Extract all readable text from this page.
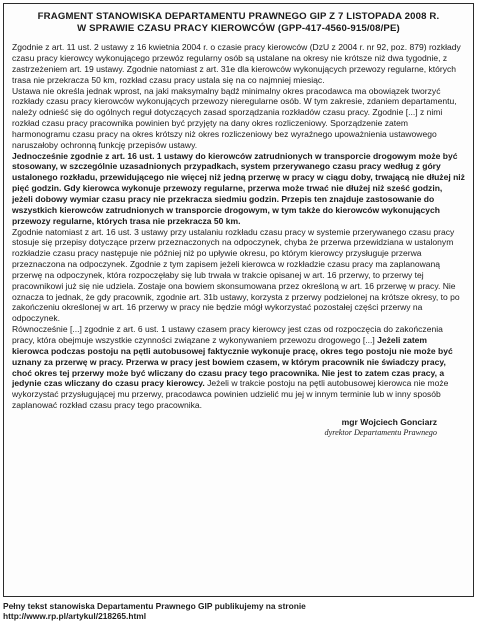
FRAGMENT STANOWISKA DEPARTAMENTU PRAWNEGO GIP Z 7 LISTOPADA 2008 R.
W SPRAWIE CZASU PRACY KIEROWCÓW (GPP-417-4560-915/08/PE)

Zgodnie z art. 11 ust. 2 ustawy z 16 kwietnia 2004 r. o czasie pracy kierowców (DzU z 2004 r. nr 92, poz. 879) rozkłady czasu pracy kierowcy wykonującego przewóz regularny osób są ustalane na okresy nie krótsze niż dwa tygodnie, z zastrzeżeniem art. 19 ustawy. Zgodnie natomiast z art. 31e dla kierowców wykonujących przewozy regularne, których trasa nie przekracza 50 km, rozkład czasu pracy ustala się na co najmniej miesiąc.

Ustawa nie określa jednak wprost, na jaki maksymalny bądź minimalny okres pracodawca ma obowiązek tworzyć rozkłady czasu pracy kierowców wykonujących przewozy nieregularne osób. W tym zakresie, zdaniem departamentu, należy odnieść się do ogólnych reguł dotyczących zasad sporządzania rozkładów czasu pracy. Zgodnie [...] z nimi rozkład czasu pracy pracownika powinien być przyjęty na dany okres rozliczeniowy. Sporządzenie zatem harmonogramu czasu pracy na okres krótszy niż okres rozliczeniowy bez wyraźnego upoważnienia ustawowego naruszałoby ochronną funkcję przepisów ustawy.

Jednocześnie zgodnie z art. 16 ust. 1 ustawy do kierowców zatrudnionych w transporcie drogowym może być stosowany, w szczególnie uzasadnionych przypadkach, system przerywanego czasu pracy według z góry ustalonego rozkładu, przewidującego nie więcej niż jedną przerwę w pracy w ciągu doby, trwającą nie dłużej niż pięć godzin. Gdy kierowca wykonuje przewozy regularne, przerwa może trwać nie dłużej niż sześć godzin, jeżeli dobowy wymiar czasu pracy nie przekracza siedmiu godzin. Przepis ten znajduje zastosowanie do wszystkich kierowców zatrudnionych w transporcie drogowym, w tym także do kierowców wykonujących przewozy regularne, których trasa nie przekracza 50 km.

Zgodnie natomiast z art. 16 ust. 3 ustawy przy ustalaniu rozkładu czasu pracy w systemie przerywanego czasu pracy stosuje się przepisy dotyczące przerw przeznaczonych na odpoczynek, chyba że przerwa przewidziana w ustalonym rozkładzie czasu pracy następuje nie później niż po upływie okresu, po którym kierowcy przysługuje przerwa przeznaczona na odpoczynek. Zgodnie z tym zapisem jeżeli kierowca w rozkładzie czasu pracy ma zaplanowaną przerwę na odpoczynek, która rozpoczęłaby się lub trwała w trakcie opisanej w art. 16 przerwy, to przerwy tej pracownikowi już się nie udziela. Zostaje ona bowiem skonsumowana przez określoną w art. 16 przerwę w pracy. Nie oznacza to jednak, że gdy pracownik, zgodnie art. 31b ustawy, korzysta z przerwy podzielonej na krótsze okresy, to po zakończeniu określonej w art. 16 przerwy w pracy nie będzie mógł wykorzystać pozostałej części przerwy na odpoczynek.

Równocześnie [...] zgodnie z art. 6 ust. 1 ustawy czasem pracy kierowcy jest czas od rozpoczęcia do zakończenia pracy, która obejmuje wszystkie czynności związane z wykonywaniem przewozu drogowego [...] Jeżeli zatem kierowca podczas postoju na pętli autobusowej faktycznie wykonuje pracę, okres tego postoju nie może być uznany za przerwę w pracy. Przerwa w pracy jest bowiem czasem, w którym pracownik nie świadczy pracy, choć okres tej przerwy może być wliczany do czasu pracy tego pracownika. Nie jest to zatem czas pracy, a jedynie czas wliczany do czasu pracy kierowcy. Jeżeli w trakcie postoju na pętli autobusowej kierowca nie może wykorzystać przysługującej mu przerwy, pracodawca powinien udzielić mu jej w innym terminie lub w inny sposób zaplanować rozkład czasu pracy tego pracownika.

mgr Wojciech Gonciarz
dyrektor Departamentu Prawnego
Pełny tekst stanowiska Departamentu Prawnego GIP publikujemy na stronie
http://www.rp.pl/artykul/218265.html
